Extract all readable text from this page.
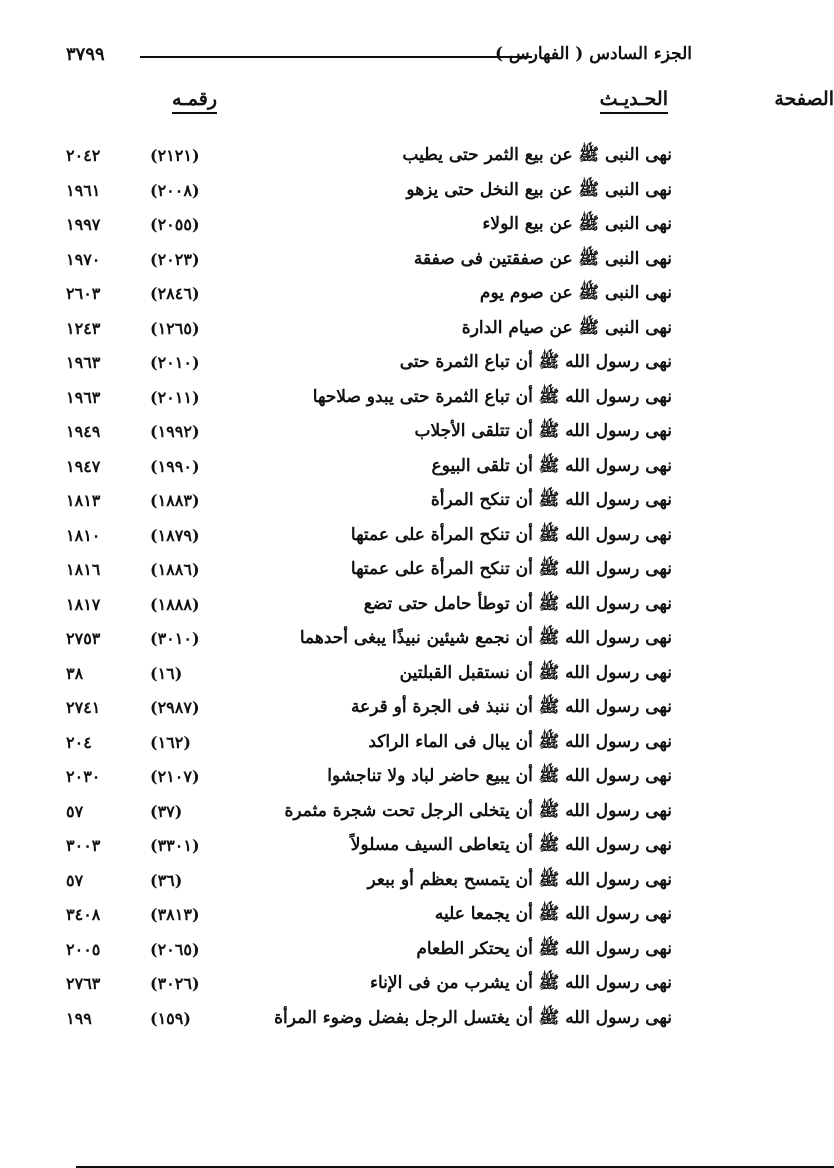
الجزء السادس ( الفهارس )
٣٧٩٩
الحـديـث
رقمـه	الصفحة
نهى النبى ﷺ عن بيع الثمر حتى يطيب
(٢١٢١)
٢٠٤٢
نهى النبى ﷺ عن بيع النخل حتى يزهو
(٢٠٠٨)
١٩٦١
نهى النبى ﷺ عن بيع الولاء
(٢٠٥٥)
١٩٩٧
نهى النبى ﷺ عن صفقتين فى صفقة
(٢٠٢٣)
١٩٧٠
نهى النبى ﷺ عن صوم يوم
(٢٨٤٦)
٢٦٠٣
نهى النبى ﷺ عن صيام الدارة
(١٢٦٥)
١٢٤٣
نهى رسول الله ﷺ أن تباع الثمرة حتى
(٢٠١٠)
١٩٦٣
نهى رسول الله ﷺ أن تباع الثمرة حتى يبدو صلاحها
(٢٠١١)
١٩٦٣
نهى رسول الله ﷺ أن تتلقى الأجلاب
(١٩٩٢)
١٩٤٩
نهى رسول الله ﷺ أن تلقى البيوع
(١٩٩٠)
١٩٤٧
نهى رسول الله ﷺ أن تنكح المرأة
(١٨٨٣)
١٨١٣
نهى رسول الله ﷺ أن تنكح المرأة على عمتها
(١٨٧٩)
١٨١٠
نهى رسول الله ﷺ أن تنكح المرأة على عمتها
(١٨٨٦)
١٨١٦
نهى رسول الله ﷺ أن توطأ حامل حتى تضع
(١٨٨٨)
١٨١٧
نهى رسول الله ﷺ أن نجمع شيئين نبيذًا يبغى أحدهما
(٣٠١٠)
٢٧٥٣
نهى رسول الله ﷺ أن نستقبل القبلتين
(١٦)
٣٨
نهى رسول الله ﷺ أن ننبذ فى الجرة أو قرعة
(٢٩٨٧)
٢٧٤١
نهى رسول الله ﷺ أن يبال فى الماء الراكد
(١٦٢)
٢٠٤
نهى رسول الله ﷺ أن يبيع حاضر لباد ولا تناجشوا
(٢١٠٧)
٢٠٣٠
نهى رسول الله ﷺ أن يتخلى الرجل تحت شجرة مثمرة
(٣٧)
٥٧
نهى رسول الله ﷺ أن يتعاطى السيف مسلولاً
(٣٣٠١)
٣٠٠٣
نهى رسول الله ﷺ أن يتمسح بعظم أو ببعر
(٣٦)
٥٧
نهى رسول الله ﷺ أن يجمعا عليه
(٣٨١٣)
٣٤٠٨
نهى رسول الله ﷺ أن يحتكر الطعام
(٢٠٦٥)
٢٠٠٥
نهى رسول الله ﷺ أن يشرب من فى الإناء
(٣٠٢٦)
٢٧٦٣
نهى رسول الله ﷺ أن يغتسل الرجل بفضل وضوء المرأة
(١٥٩)
١٩٩
